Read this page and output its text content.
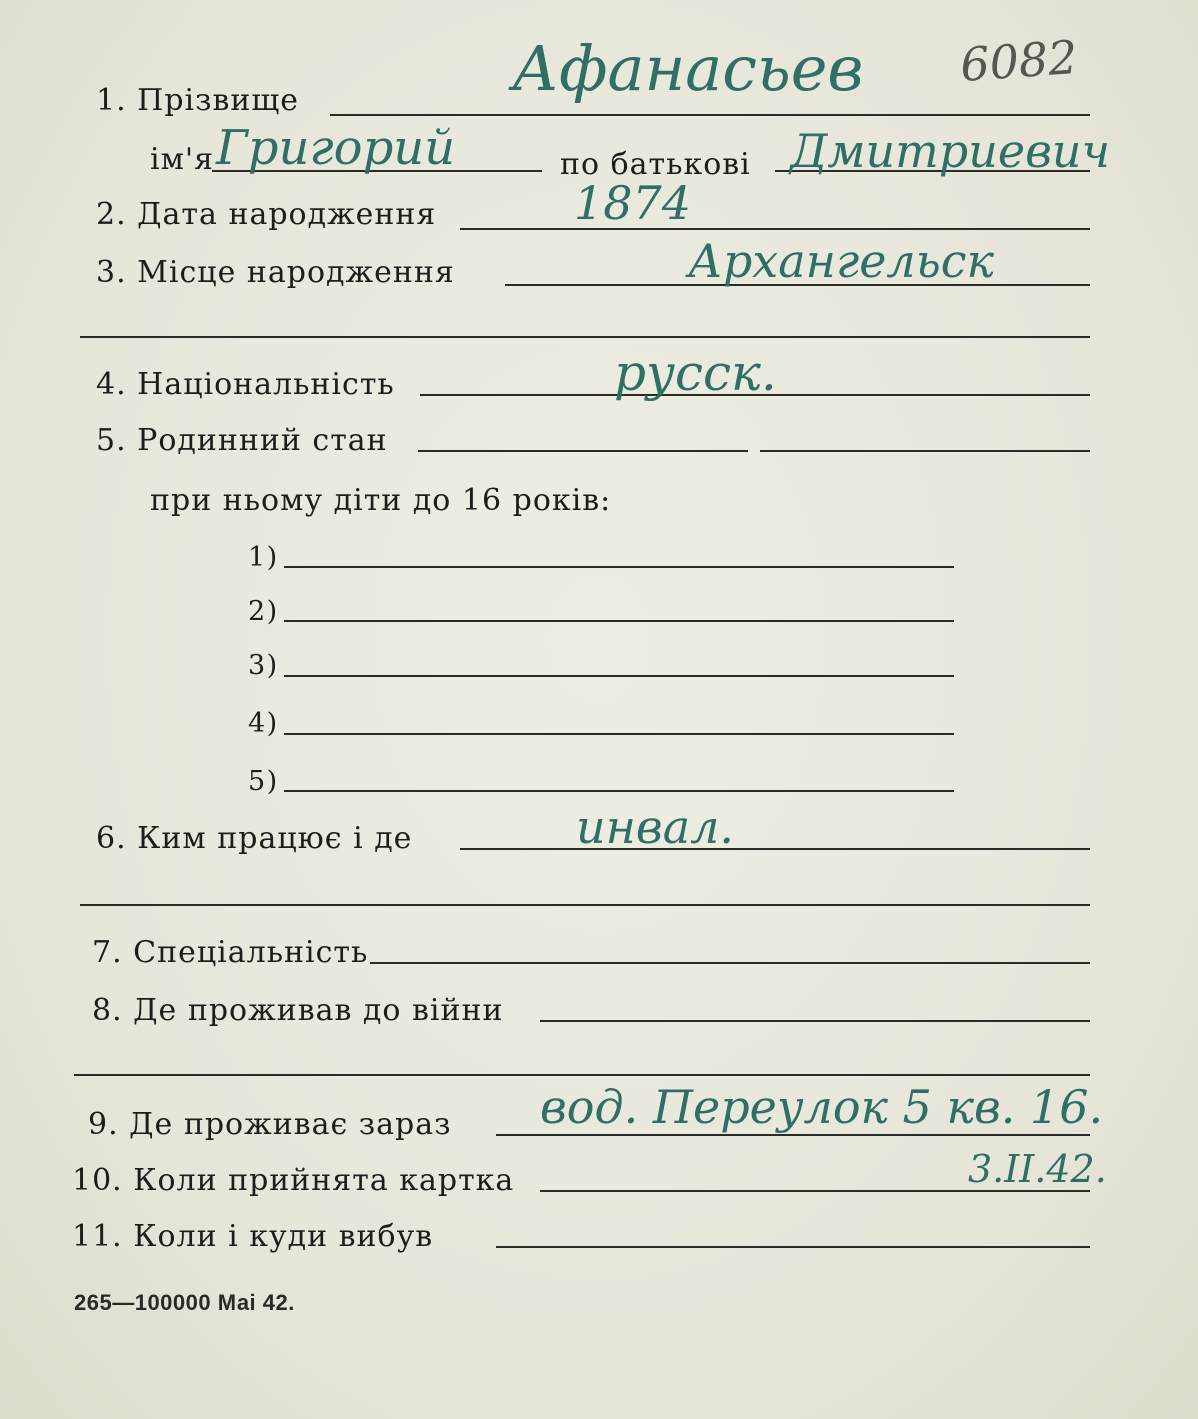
6082
1. Прізвище	Афанасьев
ім'я Григорий	по батькові Дмитриевич
2. Дата народження	1874
3. Місце народження	Архангельск
4. Національність	русск.
5. Родинний стан
при ньому діти до 16 років:
1)
2)
3)
4)
5)
6. Ким працює і де	инвал.
7. Спеціальність
8. Де проживав до війни
9. Де проживає зараз вод. Переулок 5 кв. 16.
10. Коли прийнята картка	3.II.42.
11. Коли і куди вибув
265—100000 Маі 42.
